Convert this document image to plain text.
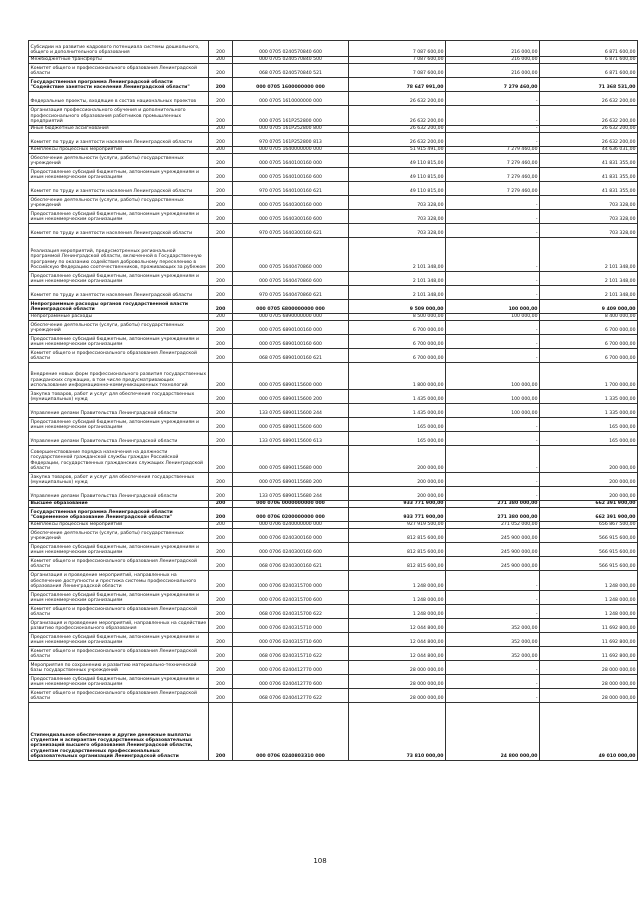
Субсидии на развитие кадрового потенциала системы дошкольного, общего и дополнительного образования	200	000 0705 0240570840 600	7 087 600,00	216 000,00	6 871 600,00
Межбюджетные трансферты	200	000 0705 0240570840 500	7 087 600,00	216 000,00	6 871 600,00
Комитет общего и профессионального образования Ленинградской области	200	068 0705 0240570840 521	7 087 600,00	216 000,00	6 871 600,00
Государственная программа Ленинградской области "Содействие занятости населения Ленинградской области"	200	000 0705 1600000000 000	78 647 991,00	7 279 460,00	71 368 531,00
Федеральные проекты, входящие в состав национальных проектов	200	000 0705 1610000000 000	26 632 200,00	-	26 632 200,00
Организация профессионального обучения и дополнительного профессионального образования работников промышленных предприятий	200	000 0705 161Р252800 000	26 632 200,00	-	26 632 200,00
Иные бюджетные ассигнования	200	000 0705 161Р252800 800	26 632 200,00	-	26 632 200,00
Комитет по труду и занятости населения Ленинградской области	200	970 0705 161Р252800 813	26 632 200,00	-	26 632 200,00
Комплексы процессных мероприятий	200	000 0705 1640000000 000	51 915 491,00	7 279 460,00	44 636 031,00
Обеспечение деятельности (услуги, работы) государственных учреждений	200	000 0705 1640100160 000	49 110 815,00	7 279 460,00	41 831 355,00
Предоставление субсидий бюджетным, автономным учреждениям и иным некоммерческим организациям	200	000 0705 1640100160 600	49 110 815,00	7 279 460,00	41 831 355,00
Комитет по труду и занятости населения Ленинградской области	200	970 0705 1640100160 621	49 110 815,00	7 279 460,00	41 831 355,00
Обеспечение деятельности (услуги, работы) государственных учреждений	200	000 0705 1640300160 000	703 328,00	-	703 328,00
Предоставление субсидий бюджетным, автономным учреждениям и иным некоммерческим организациям	200	000 0705 1640300160 600	703 328,00	-	703 328,00
Комитет по труду и занятости населения Ленинградской области	200	970 0705 1640300160 621	703 328,00	-	703 328,00
Реализация мероприятий, предусмотренных региональной программой Ленинградской области, включенной в Государственную программу по оказанию содействия добровольному переселению в Российскую Федерацию соотечественников, проживающих за рубежом	200	000 0705 1640470860 000	2 101 348,00	-	2 101 348,00
Предоставление субсидий бюджетным, автономным учреждениям и иным некоммерческим организациям	200	000 0705 1640470860 600	2 101 348,00	-	2 101 348,00
Комитет по труду и занятости населения Ленинградской области	200	970 0705 1640470860 621	2 101 348,00	-	2 101 348,00
Непрограммные расходы органов государственной власти Ленинградской области	200	000 0705 6800000000 000	9 509 000,00	100 000,00	9 409 000,00
Непрограммные расходы	200	000 0705 6890000000 000	8 500 000,00	100 000,00	8 400 000,00
Обеспечение деятельности (услуги, работы) государственных учреждений	200	000 0705 6890100160 000	6 700 000,00	-	6 700 000,00
Предоставление субсидий бюджетным, автономным учреждениям и иным некоммерческим организациям	200	000 0705 6890100160 600	6 700 000,00	-	6 700 000,00
Комитет общего и профессионального образования Ленинградской области	200	068 0705 6890100160 621	6 700 000,00	-	6 700 000,00
Внедрение новых форм профессионального развития государственных гражданских служащих, в том числе предусматривающих использование информационно-коммуникационных технологий	200	000 0705 6890115600 000	1 800 000,00	100 000,00	1 700 000,00
Закупка товаров, работ и услуг для обеспечения государственных (муниципальных) нужд	200	000 0705 6890115600 200	1 435 000,00	100 000,00	1 335 000,00
Управление делами Правительства Ленинградской области	200	133 0705 6890115600 244	1 435 000,00	100 000,00	1 335 000,00
Предоставление субсидий бюджетным, автономным учреждениям и иным некоммерческим организациям	200	000 0705 6890115600 600	165 000,00	-	165 000,00
Управление делами Правительства Ленинградской области	200	133 0705 6890115600 613	165 000,00	-	165 000,00
Совершенствование порядка назначения на должности государственной гражданской службы граждан Российской Федерации, государственных гражданских служащих Ленинградской области	200	000 0705 6890115680 000	200 000,00	-	200 000,00
Закупка товаров, работ и услуг для обеспечения государственных (муниципальных) нужд	200	000 0705 6890115680 200	200 000,00	-	200 000,00
Управление делами Правительства Ленинградской области	200	133 0705 6890115680 244	200 000,00	-	200 000,00
Высшее образование	200	000 0706 0000000000 000	933 771 900,00	271 380 000,00	662 391 900,00
Государственная программа Ленинградской области "Современное образование Ленинградской области"	200	000 0706 0200000000 000	933 771 900,00	271 380 000,00	662 391 900,00
Комплексы процессных мероприятий	200	000 0706 0240000000 000	927 919 500,00	271 052 000,00	656 867 500,00
Обеспечение деятельности (услуги, работы) государственных учреждений	200	000 0706 0240300160 000	812 815 600,00	245 900 000,00	566 915 600,00
Предоставление субсидий бюджетным, автономным учреждениям и иным некоммерческим организациям	200	000 0706 0240300160 600	812 815 600,00	245 900 000,00	566 915 600,00
Комитет общего и профессионального образования Ленинградской области	200	068 0706 0240300160 621	812 815 600,00	245 900 000,00	566 915 600,00
Организация и проведение мероприятий, направленных на обеспечение доступности и престижа системы профессионального образования Ленинградской области	200	000 0706 0240315700 000	1 248 000,00	-	1 248 000,00
Предоставление субсидий бюджетным, автономным учреждениям и иным некоммерческим организациям	200	000 0706 0240315700 600	1 248 000,00	-	1 248 000,00
Комитет общего и профессионального образования Ленинградской области	200	068 0706 0240315700 622	1 248 000,00	-	1 248 000,00
Организация и проведение мероприятий, направленных на содействие развитию профессионального образования	200	000 0706 0240315710 000	12 044 800,00	352 000,00	11 692 800,00
Предоставление субсидий бюджетным, автономным учреждениям и иным некоммерческим организациям	200	000 0706 0240315710 600	12 044 800,00	352 000,00	11 692 800,00
Комитет общего и профессионального образования Ленинградской области	200	068 0706 0240315710 622	12 044 800,00	352 000,00	11 692 800,00
Мероприятия по сохранению и развитию материально-технической базы государственных учреждений	200	000 0706 0240412770 000	28 000 000,00	-	28 000 000,00
Предоставление субсидий бюджетным, автономным учреждениям и иным некоммерческим организациям	200	000 0706 0240412770 600	28 000 000,00	-	28 000 000,00
Комитет общего и профессионального образования Ленинградской области	200	068 0706 0240412770 622	28 000 000,00	-	28 000 000,00
Стипендиальное обеспечение и другие денежные выплаты студентам и аспирантам государственных образовательных организаций высшего образования Ленинградской области, студентам государственных профессиональных образовательных организаций Ленинградской области	200	000 0706 0240803310 000	73 810 000,00	24 800 000,00	49 010 000,00
108
